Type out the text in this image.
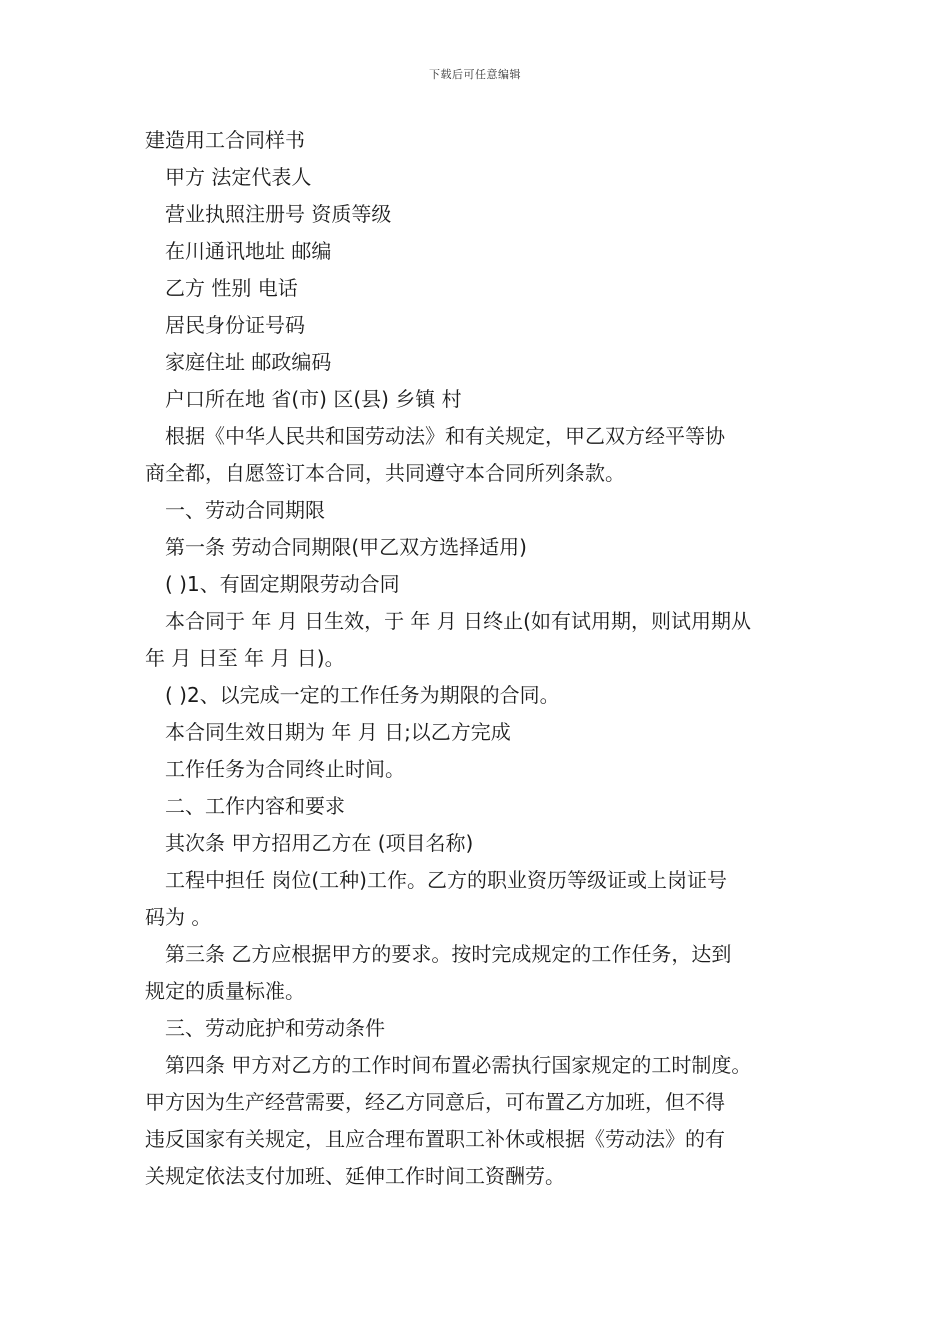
下载后可任意编辑
建造用工合同样书
甲方 法定代表人
营业执照注册号 资质等级
在川通讯地址 邮编
乙方 性别 电话
居民身份证号码
家庭住址 邮政编码
户口所在地 省(市) 区(县) 乡镇 村
根据《中华人民共和国劳动法》和有关规定，甲乙双方经平等协
商全都，自愿签订本合同，共同遵守本合同所列条款。
一、劳动合同期限
第一条 劳动合同期限(甲乙双方选择适用)
( )1、有固定期限劳动合同
本合同于 年 月 日生效，于 年 月 日终止(如有试用期，则试用期从
年 月 日至 年 月 日)。
( )2、以完成一定的工作任务为期限的合同。
本合同生效日期为 年 月 日;以乙方完成
工作任务为合同终止时间。
二、工作内容和要求
其次条 甲方招用乙方在 (项目名称)
工程中担任 岗位(工种)工作。乙方的职业资历等级证或上岗证号
码为 。
第三条 乙方应根据甲方的要求。按时完成规定的工作任务，达到
规定的质量标准。
三、劳动庇护和劳动条件
第四条 甲方对乙方的工作时间布置必需执行国家规定的工时制度。
甲方因为生产经营需要，经乙方同意后，可布置乙方加班，但不得
违反国家有关规定，且应合理布置职工补休或根据《劳动法》的有
关规定依法支付加班、延伸工作时间工资酬劳。
